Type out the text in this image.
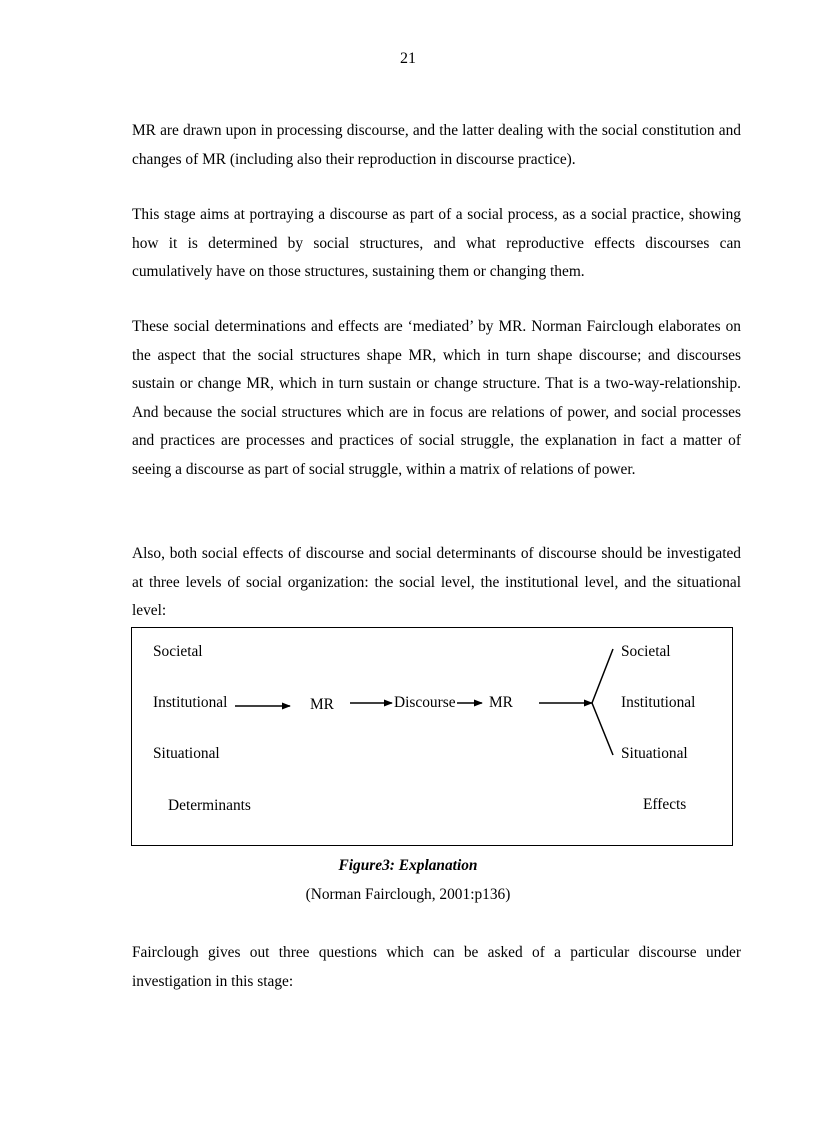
21

MR are drawn upon in processing discourse, and the latter dealing with the social constitution and changes of MR (including also their reproduction in discourse practice).

This stage aims at portraying a discourse as part of a social process, as a social practice, showing how it is determined by social structures, and what reproductive effects discourses can cumulatively have on those structures, sustaining them or changing them.

These social determinations and effects are ‘mediated’ by MR. Norman Fairclough elaborates on the aspect that the social structures shape MR, which in turn shape discourse; and discourses sustain or change MR, which in turn sustain or change structure. That is a two-way-relationship. And because the social structures which are in focus are relations of power, and social processes and practices are processes and practices of social struggle, the explanation in fact a matter of seeing a discourse as part of social struggle, within a matrix of relations of power.

Also, both social effects of discourse and social determinants of discourse should be investigated at three levels of social organization: the social level, the institutional level, and the situational level:

Societal
Institutional
Situational
Determinants
MR	Discourse MR
Societal
Institutional
Situational
Effects
Figure3: Explanation
(Norman Fairclough, 2001:p136)

Fairclough gives out three questions which can be asked of a particular discourse under investigation in this stage:
